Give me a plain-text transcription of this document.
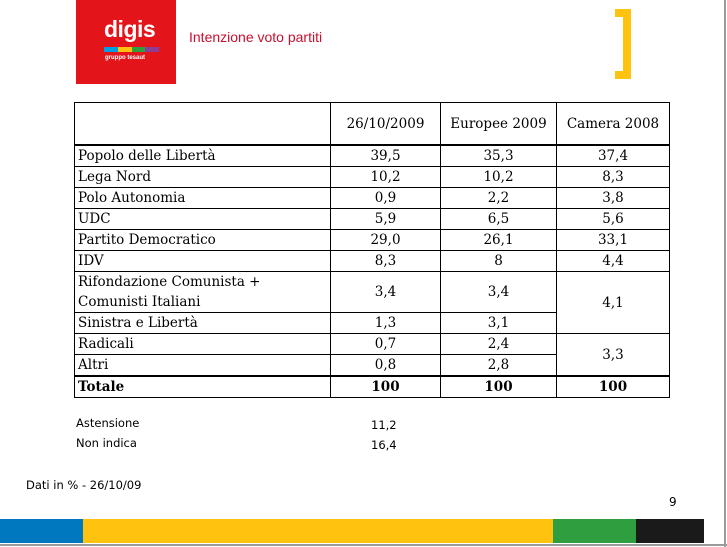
digis
gruppo tesaut
Intenzione voto partiti
	26/10/2009	Europee 2009	Camera 2008
Popolo delle Libertà	39,5	35,3	37,4
Lega Nord	10,2	10,2	8,3
Polo Autonomia	0,9	2,2	3,8
UDC	5,9	6,5	5,6
Partito Democratico	29,0	26,1	33,1
IDV	8,3	8	4,4

Rifondazione Comunista +
Comunisti Italiani	3,4	3,4	4,1
Sinistra e Libertà	1,3	3,1	
Radicali	0,7	2,4	3,3
Altri	0,8	2,8	
Totale	100	100	100
Astensione	11,2
Non indica	16,4
Dati in % - 26/10/09
9
